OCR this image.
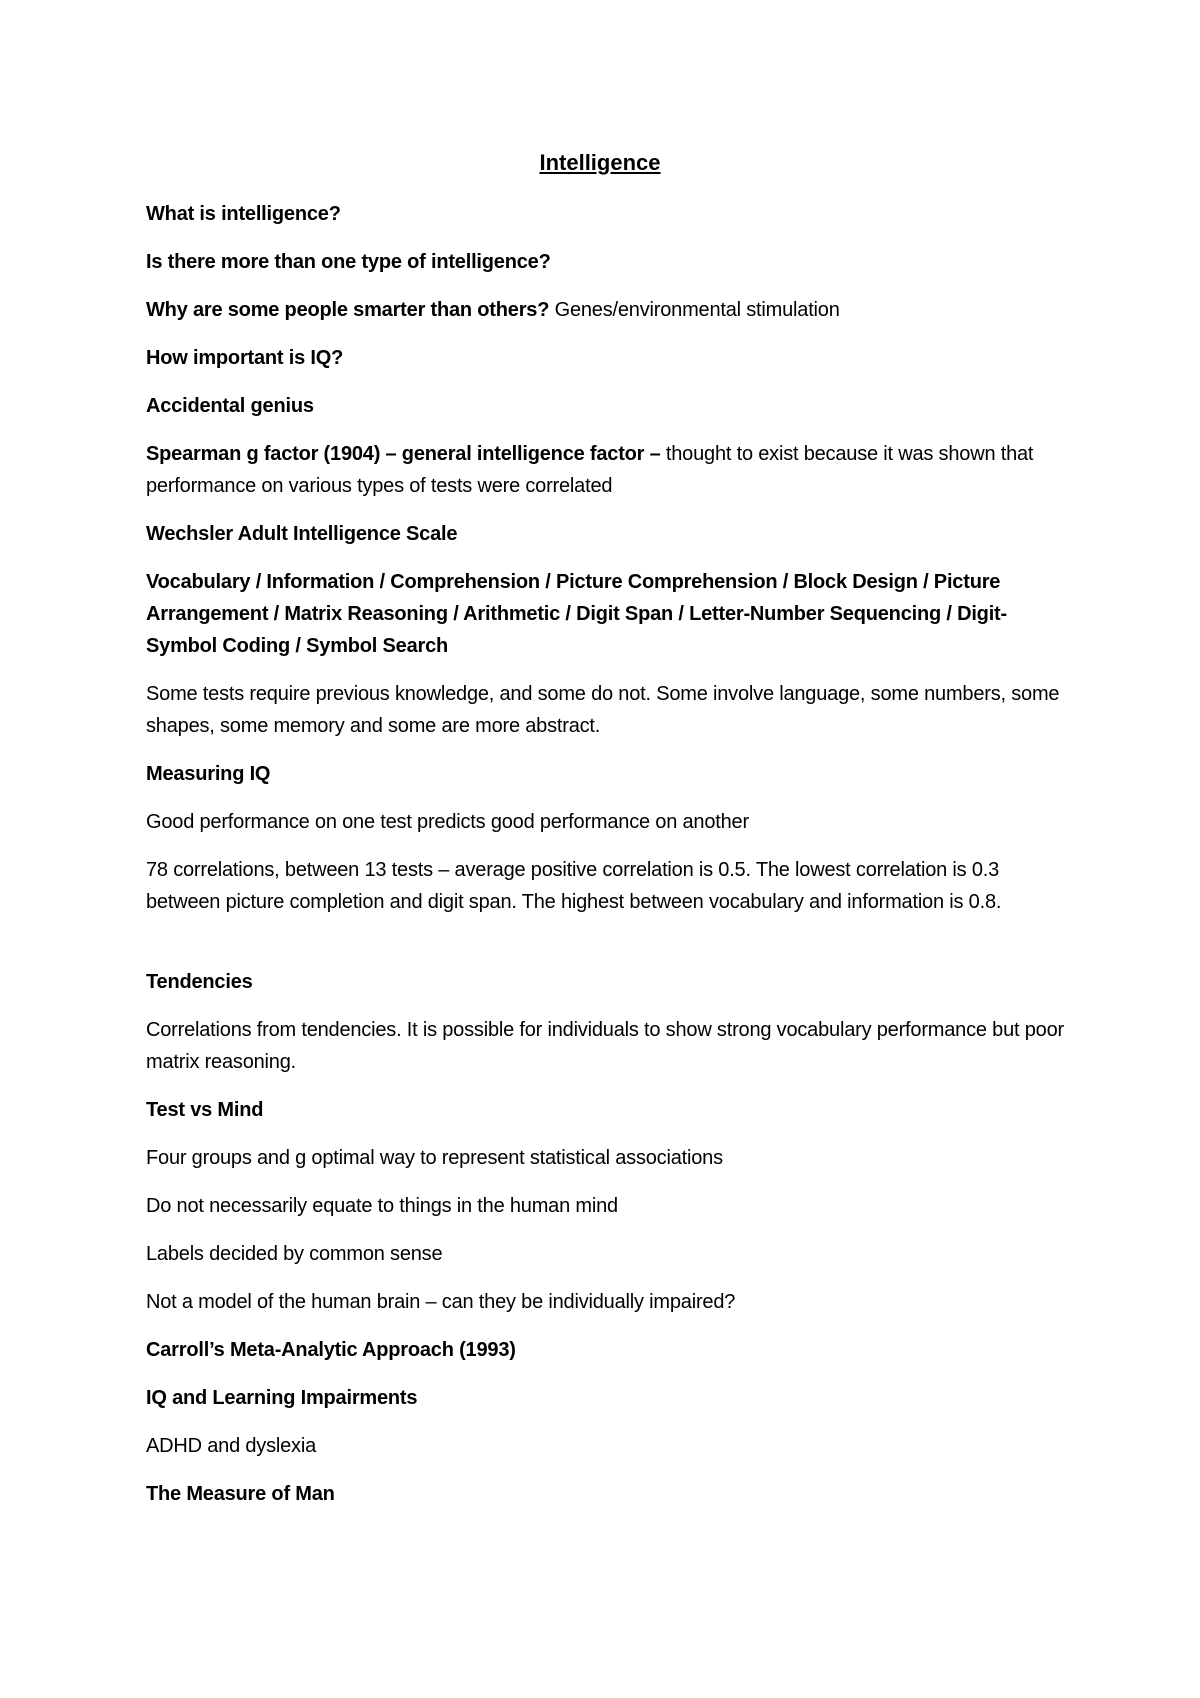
Intelligence
What is intelligence?
Is there more than one type of intelligence?
Why are some people smarter than others? Genes/environmental stimulation
How important is IQ?
Accidental genius
Spearman g factor (1904) – general intelligence factor – thought to exist because it was shown that performance on various types of tests were correlated
Wechsler Adult Intelligence Scale
Vocabulary / Information / Comprehension / Picture Comprehension / Block Design / Picture Arrangement / Matrix Reasoning / Arithmetic / Digit Span / Letter-Number Sequencing / Digit-Symbol Coding / Symbol Search
Some tests require previous knowledge, and some do not. Some involve language, some numbers, some shapes, some memory and some are more abstract.
Measuring IQ
Good performance on one test predicts good performance on another
78 correlations, between 13 tests – average positive correlation is 0.5. The lowest correlation is 0.3 between picture completion and digit span. The highest between vocabulary and information is 0.8.
Tendencies
Correlations from tendencies. It is possible for individuals to show strong vocabulary performance but poor matrix reasoning.
Test vs Mind
Four groups and g optimal way to represent statistical associations
Do not necessarily equate to things in the human mind
Labels decided by common sense
Not a model of the human brain – can they be individually impaired?
Carroll’s Meta-Analytic Approach (1993)
IQ and Learning Impairments
ADHD and dyslexia
The Measure of Man
